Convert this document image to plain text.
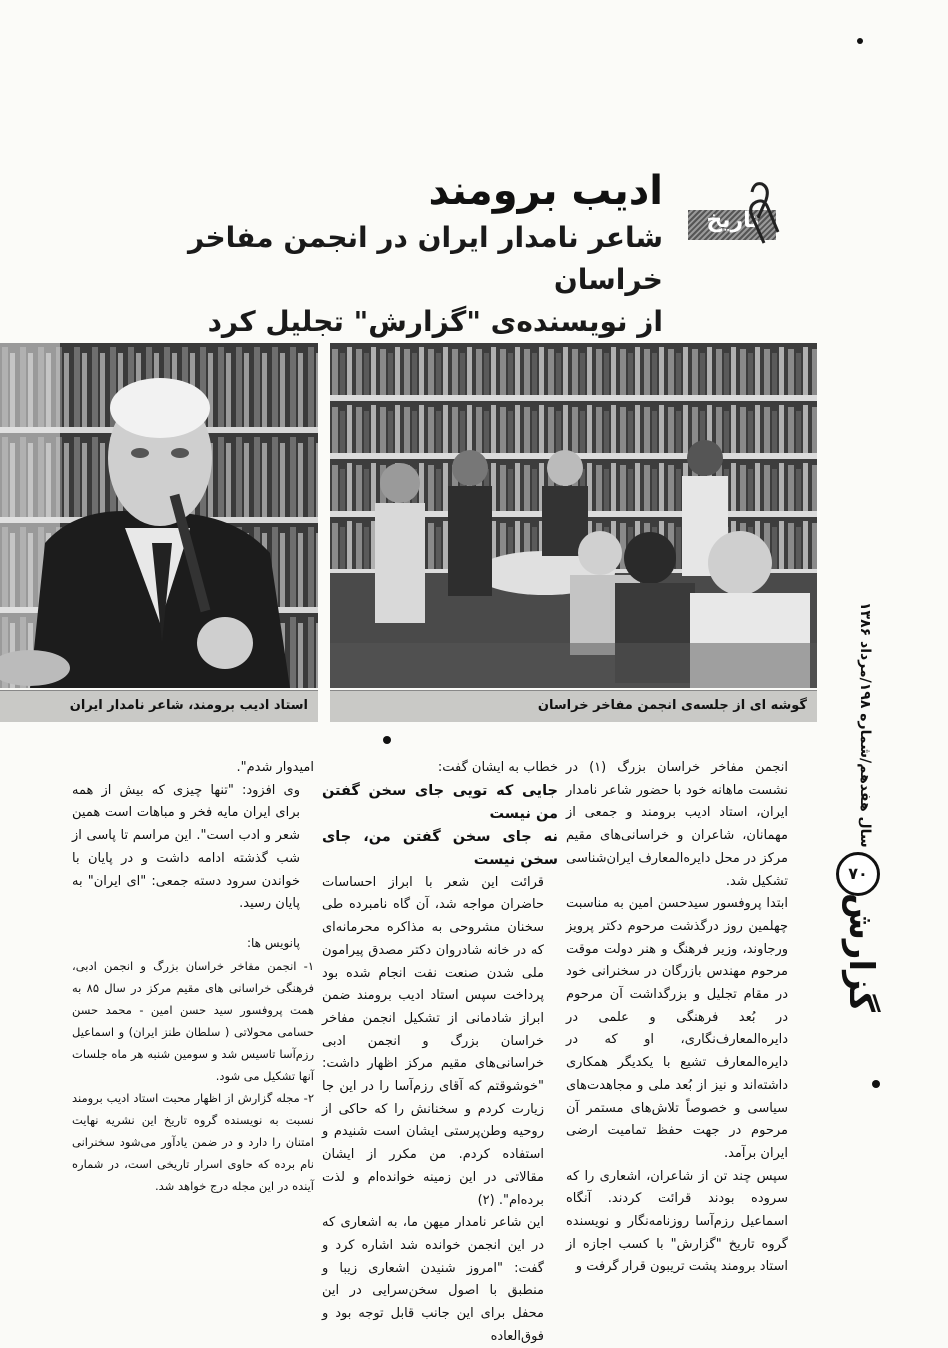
تاریخ
ادیب برومند
شاعر نامدار ایران در انجمن مفاخر خراسان
از نویسنده‌ی "گزارش" تجلیل کرد
استاد ادیب برومند، شاعر نامدار ایران	گوشه ای از جلسه‌ی انجمن مفاخر خراسان
سال هفدهم/شماره ۱۹۸/مرداد ۱۳۸۶
۷۰
گزارش

انجمن مفاخر خراسان بزرگ (۱) در نشست ماهانه خود با حضور شاعر نامدار ایران، استاد ادیب برومند و جمعی از مهمانان، شاعران و خراسانی‌های مقیم مرکز در محل دایره‌المعارف ایران‌شناسی تشکیل شد.

ابتدا پروفسور سیدحسن امین به مناسبت چهلمین روز درگذشت مرحوم دکتر پرویز ورجاوند، وزیر فرهنگ و هنر دولت موقت مرحوم مهندس بازرگان در سخنرانی خود در مقام تجلیل و بزرگداشت آن مرحوم در بُعد فرهنگی و علمی در دایره‌المعارف‌نگاری، او که در دایره‌المعارف تشیع با یکدیگر همکاری داشته‌اند و نیز از بُعد ملی و مجاهدت‌های سیاسی و خصوصاً تلاش‌های مستمر آن مرحوم در جهت حفظ تمامیت ارضی ایران برآمد.

سپس چند تن از شاعران، اشعاری را که سروده بودند قرائت کردند. آنگاه اسماعیل رزم‌آسا روزنامه‌نگار و نویسنده گروه تاریخ "گزارش" با کسب اجازه از استاد برومند پشت تریبون قرار گرفت و

خطاب به ایشان گفت:

جایی که تویی جای سخن گفتن من نیست

نه جای سخن گفتن من، جای سخن نیست

قرائت این شعر با ابراز احساسات حاضران مواجه شد، آن گاه نامبرده طی سخنان مشروحی به مذاکره محرمانه‌ای که در خانه شادروان دکتر مصدق پیرامون ملی شدن صنعت نفت انجام شده بود پرداخت سپس استاد ادیب برومند ضمن ابراز شادمانی از تشکیل انجمن مفاخر خراسان بزرگ و انجمن ادبی خراسانی‌های مقیم مرکز اظهار داشت: "خوشوقتم که آقای رزم‌آسا را در این جا زیارت کردم و سخنانش را که حاکی از روحیه وطن‌پرستی ایشان است شنیدم و استفاده کردم. من مکرر از ایشان مقالاتی در این زمینه خوانده‌ام و لذت برده‌ام". (۲)

این شاعر نامدار میهن ما، به اشعاری که در این انجمن خوانده شد اشاره کرد و گفت: "امروز شنیدن اشعاری زیبا و منطبق با اصول سخن‌سرایی در این محفل برای این جانب قابل توجه بود و فوق‌العاده

امیدوار شدم".

وی افزود: "تنها چیزی که بیش از همه برای ایران مایه فخر و مباهات است همین شعر و ادب است". این مراسم تا پاسی از شب گذشته ادامه داشت و در پایان با خواندن سرود دسته جمعی: "ای ایران" به پایان رسید.

پانویس ها:

۱- انجمن مفاخر خراسان بزرگ و انجمن ادبی، فرهنگی خراسانی های مقیم مرکز در سال ۸۵ به همت پروفسور سید حسن امین - محمد حسن حسامی محولاتی ( سلطان طنز ایران) و اسماعیل رزم‌آسا تاسیس شد و سومین شنبه هر ماه جلسات آنها تشکیل می شود.

۲- مجله گزارش از اظهار محبت استاد ادیب برومند نسبت به نویسنده گروه تاریخ این نشریه نهایت امتنان را دارد و در ضمن یادآور می‌شود سخنرانی نام برده که حاوی اسرار تاریخی است، در شماره آینده در این مجله درج خواهد شد.
